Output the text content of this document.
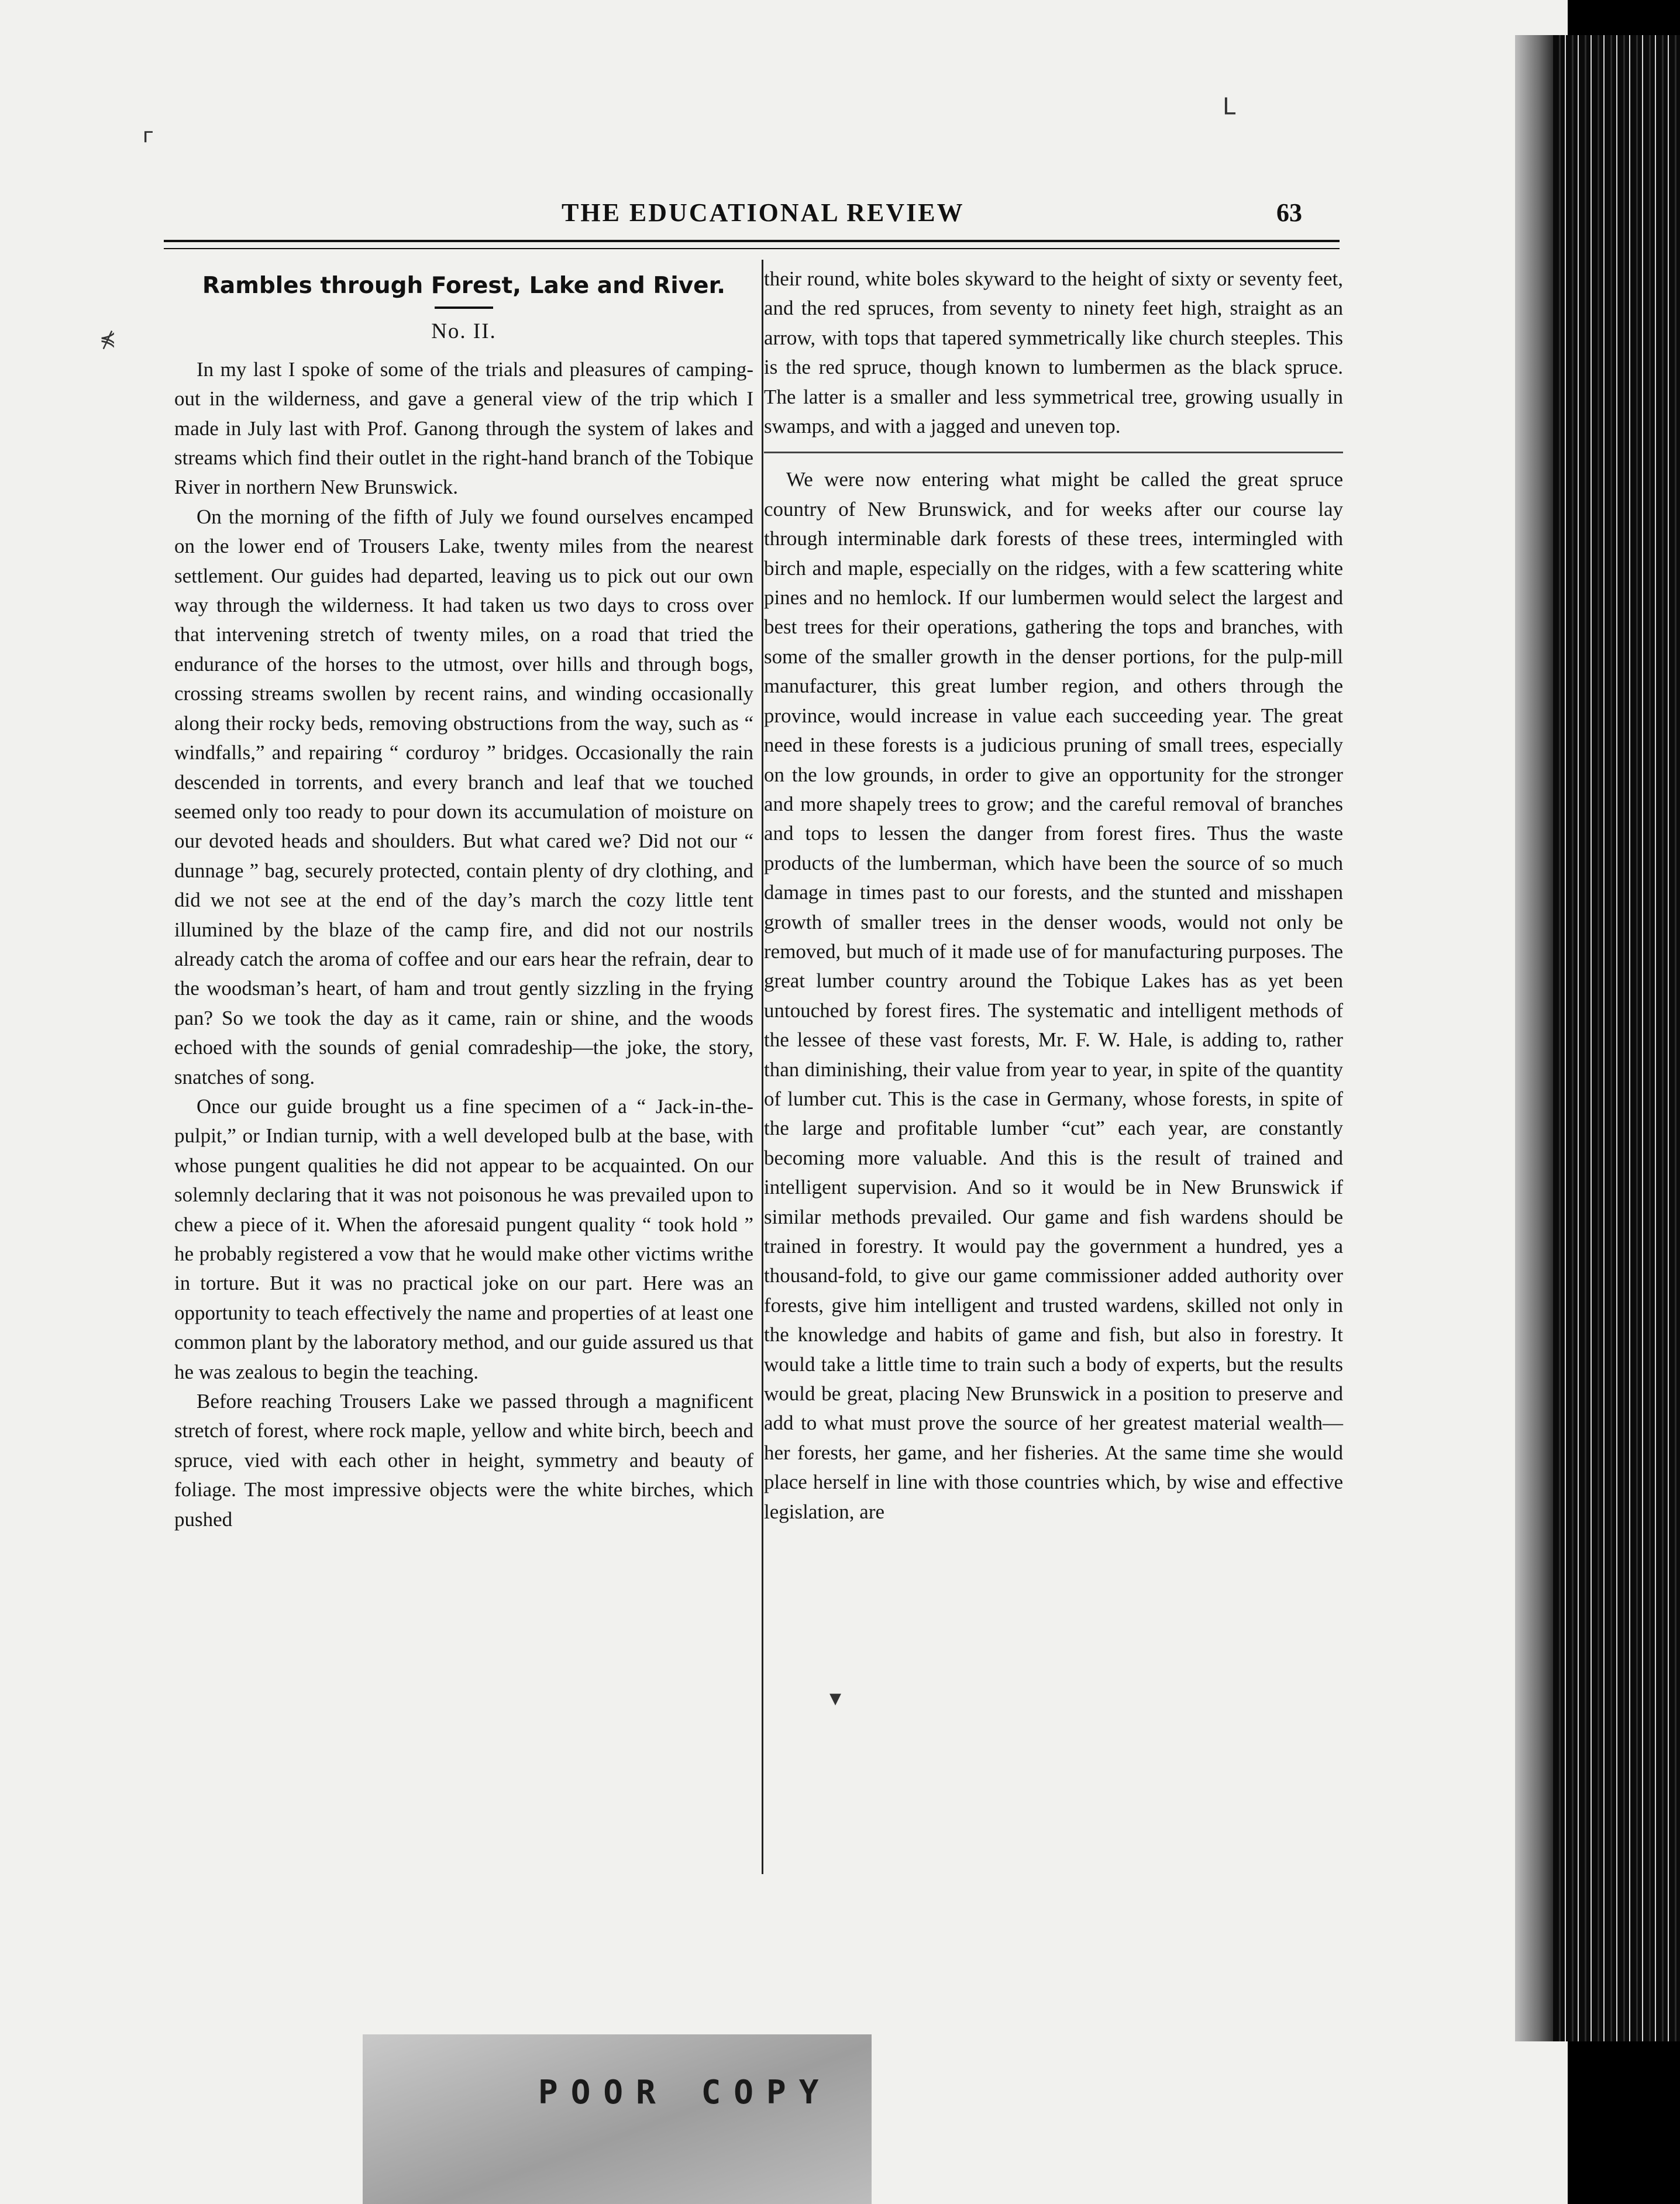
THE EDUCATIONAL REVIEW	63
Rambles through Forest, Lake and River.
No. II.

In my last I spoke of some of the trials and pleasures of camping-out in the wilderness, and gave a general view of the trip which I made in July last with Prof. Ganong through the system of lakes and streams which find their outlet in the right-hand branch of the Tobique River in northern New Brunswick.

On the morning of the fifth of July we found ourselves encamped on the lower end of Trousers Lake, twenty miles from the nearest settlement. Our guides had departed, leaving us to pick out our own way through the wilderness. It had taken us two days to cross over that intervening stretch of twenty miles, on a road that tried the endurance of the horses to the utmost, over hills and through bogs, crossing streams swollen by recent rains, and winding occasionally along their rocky beds, removing obstructions from the way, such as “ windfalls,” and repairing “ corduroy ” bridges. Occasionally the rain descended in torrents, and every branch and leaf that we touched seemed only too ready to pour down its accumulation of moisture on our devoted heads and shoulders. But what cared we? Did not our “ dunnage ” bag, securely protected, contain plenty of dry clothing, and did we not see at the end of the day’s march the cozy little tent illumined by the blaze of the camp fire, and did not our nostrils already catch the aroma of coffee and our ears hear the refrain, dear to the woodsman’s heart, of ham and trout gently sizzling in the frying pan? So we took the day as it came, rain or shine, and the woods echoed with the sounds of genial comradeship—the joke, the story, snatches of song.

Once our guide brought us a fine specimen of a “ Jack-in-the-pulpit,” or Indian turnip, with a well developed bulb at the base, with whose pungent qualities he did not appear to be acquainted. On our solemnly declaring that it was not poisonous he was prevailed upon to chew a piece of it. When the aforesaid pungent quality “ took hold ” he probably registered a vow that he would make other victims writhe in torture. But it was no practical joke on our part. Here was an opportunity to teach effectively the name and properties of at least one common plant by the laboratory method, and our guide assured us that he was zealous to begin the teaching.

Before reaching Trousers Lake we passed through a magnificent stretch of forest, where rock maple, yellow and white birch, beech and spruce, vied with each other in height, symmetry and beauty of foliage. The most impressive objects were the white birches, which pushed

their round, white boles skyward to the height of sixty or seventy feet, and the red spruces, from seventy to ninety feet high, straight as an arrow, with tops that tapered symmetrically like church steeples. This is the red spruce, though known to lumbermen as the black spruce. The latter is a smaller and less symmetrical tree, growing usually in swamps, and with a jagged and uneven top.

We were now entering what might be called the great spruce country of New Brunswick, and for weeks after our course lay through interminable dark forests of these trees, intermingled with birch and maple, especially on the ridges, with a few scattering white pines and no hemlock. If our lumbermen would select the largest and best trees for their operations, gathering the tops and branches, with some of the smaller growth in the denser portions, for the pulp-mill manufacturer, this great lumber region, and others through the province, would increase in value each succeeding year. The great need in these forests is a judicious pruning of small trees, especially on the low grounds, in order to give an opportunity for the stronger and more shapely trees to grow; and the careful removal of branches and tops to lessen the danger from forest fires. Thus the waste products of the lumberman, which have been the source of so much damage in times past to our forests, and the stunted and misshapen growth of smaller trees in the denser woods, would not only be removed, but much of it made use of for manufacturing purposes. The great lumber country around the Tobique Lakes has as yet been untouched by forest fires. The systematic and intelligent methods of the lessee of these vast forests, Mr. F. W. Hale, is adding to, rather than diminishing, their value from year to year, in spite of the quantity of lumber cut. This is the case in Germany, whose forests, in spite of the large and profitable lumber “cut” each year, are constantly becoming more valuable. And this is the result of trained and intelligent supervision. And so it would be in New Brunswick if similar methods prevailed. Our game and fish wardens should be trained in forestry. It would pay the government a hundred, yes a thousand-fold, to give our game commissioner added authority over forests, give him intelligent and trusted wardens, skilled not only in the knowledge and habits of game and fish, but also in forestry. It would take a little time to train such a body of experts, but the results would be great, placing New Brunswick in a position to preserve and add to what must prove the source of her greatest material wealth—her forests, her game, and her fisheries. At the same time she would place herself in line with those countries which, by wise and effective legislation, are

ᴦ
ᒪ
⋠
▾
POOR COPY
